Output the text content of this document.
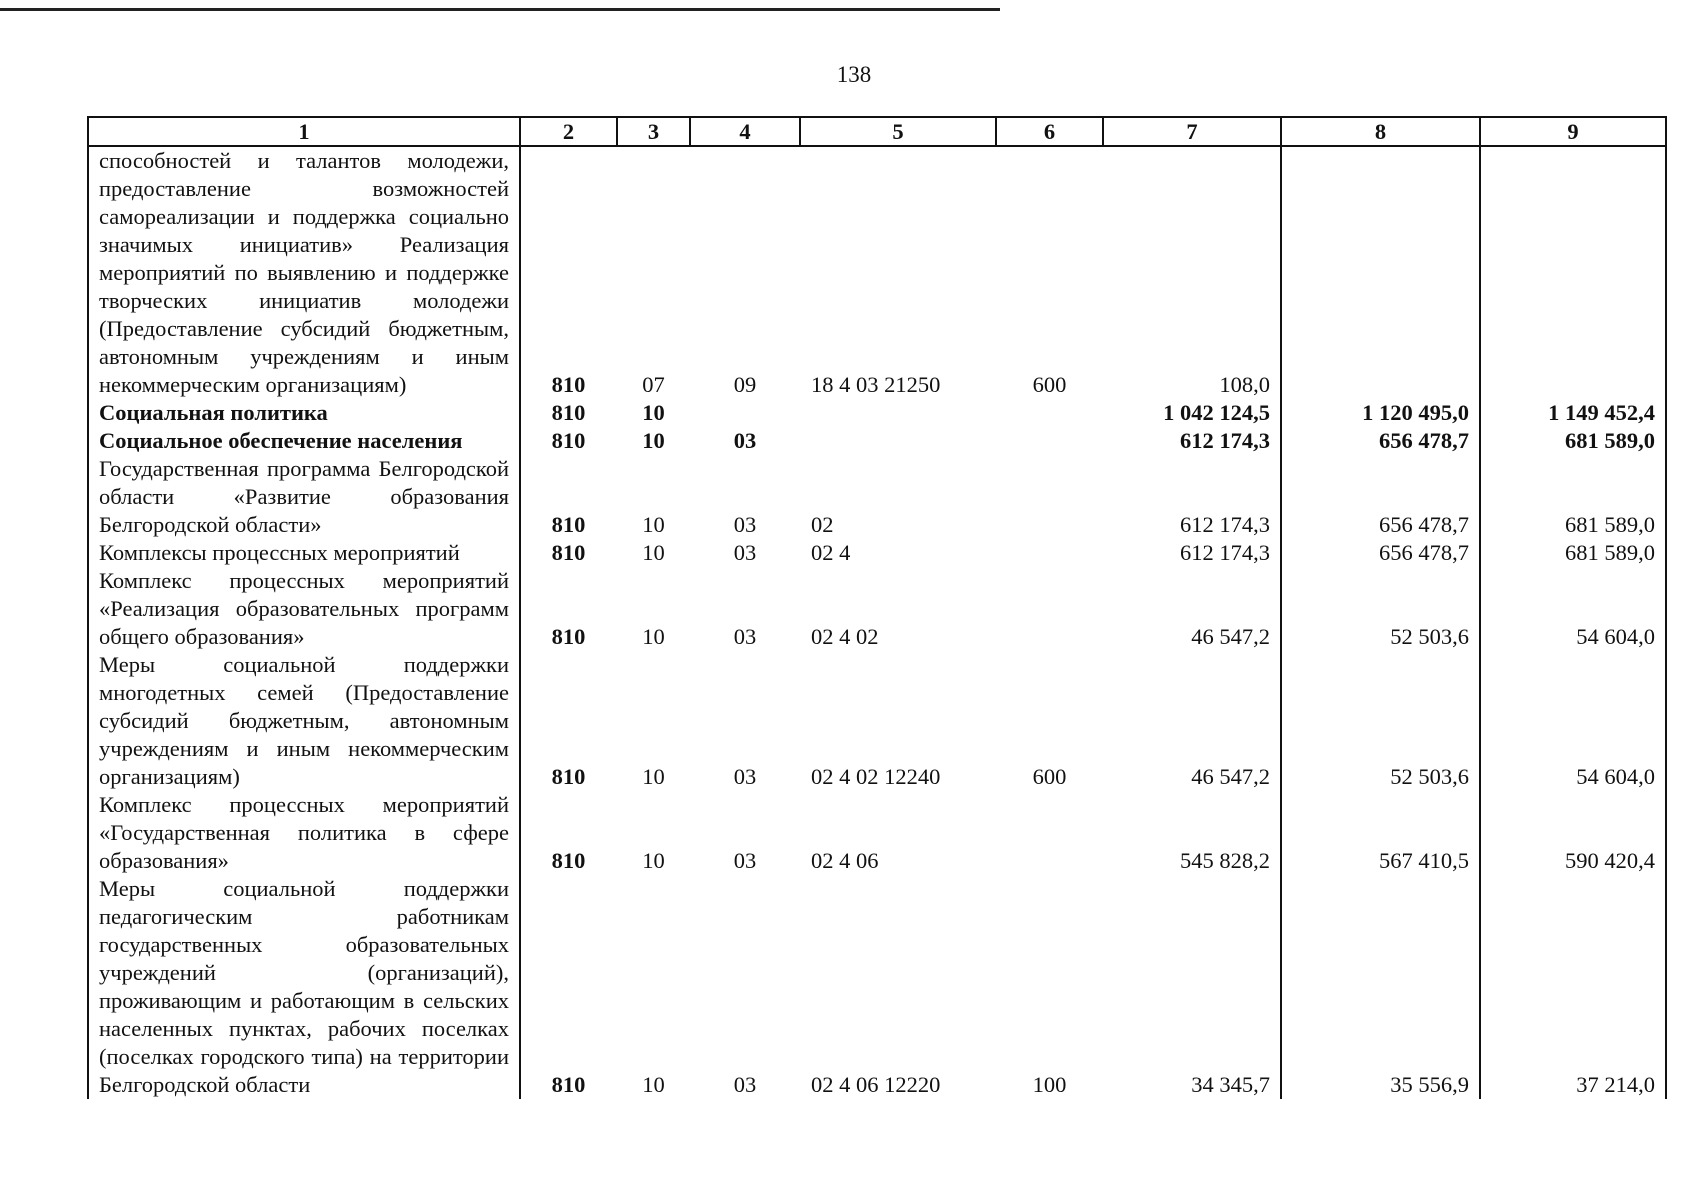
138
1	2	3	4	5	6	7	8	9

способностей и талантов молодежи, предоставление возможностей самореализации и поддержка социально значимых инициатив» Реализация мероприятий по выявлению и поддержке творческих инициатив молодежи (Предоставление субсидий бюджетным, автономным учреждениям и иным некоммерческим организациям)	810	07	09	18 4 03 21250	600	108,0		

Социальная политика	810	10				1 042 124,5	1 120 495,0	1 149 452,4

Социальное обеспечение населения	810	10	03			612 174,3	656 478,7	681 589,0

Государственная программа Белгородской области «Развитие образования Белгородской области»	810	10	03	02		612 174,3	656 478,7	681 589,0

Комплексы процессных мероприятий	810	10	03	02 4		612 174,3	656 478,7	681 589,0

Комплекс процессных мероприятий «Реализация образовательных программ общего образования»	810	10	03	02 4 02		46 547,2	52 503,6	54 604,0

Меры социальной поддержки многодетных семей (Предоставление субсидий бюджетным, автономным учреждениям и иным некоммерческим организациям)	810	10	03	02 4 02 12240	600	46 547,2	52 503,6	54 604,0

Комплекс процессных мероприятий «Государственная политика в сфере образования»	810	10	03	02 4 06		545 828,2	567 410,5	590 420,4

Меры социальной поддержки педагогическим работникам государственных образовательных учреждений (организаций), проживающим и работающим в сельских населенных пунктах, рабочих поселках (поселках городского типа) на территории Белгородской области	810	10	03	02 4 06 12220	100	34 345,7	35 556,9	37 214,0
